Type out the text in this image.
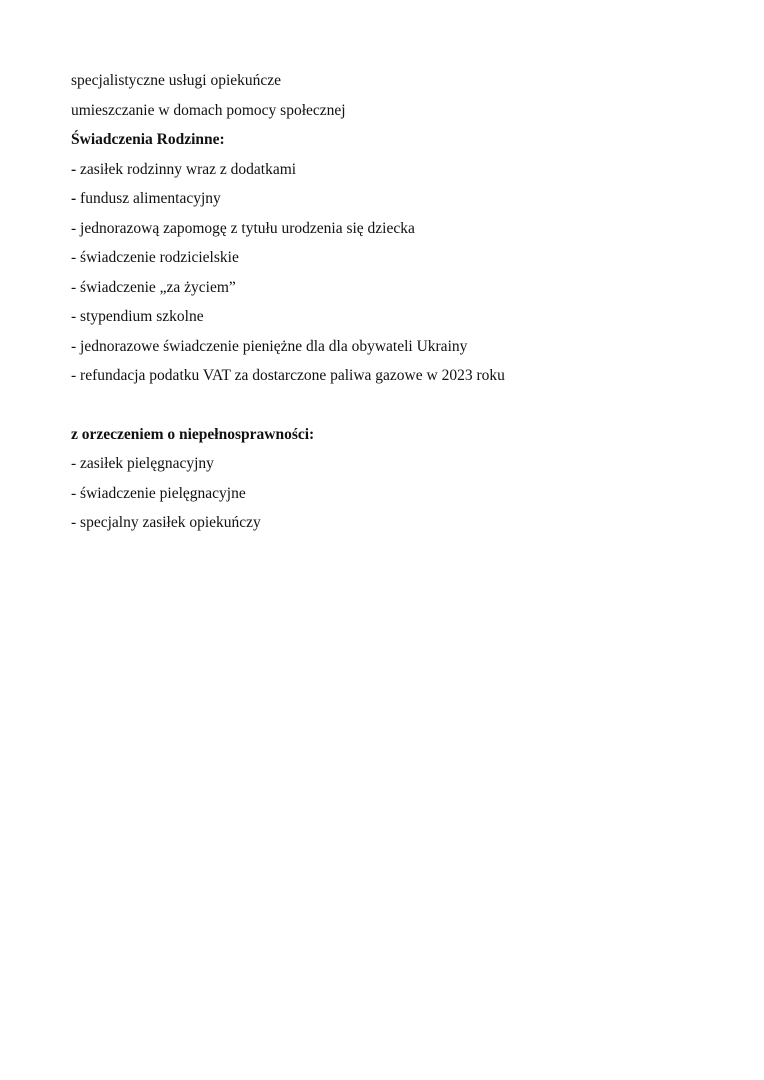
specjalistyczne usługi opiekuńcze
umieszczanie w domach pomocy społecznej
Świadczenia Rodzinne:
- zasiłek rodzinny wraz z dodatkami
- fundusz alimentacyjny
- jednorazową zapomogę z tytułu urodzenia się dziecka
- świadczenie rodzicielskie
- świadczenie „za życiem”
- stypendium szkolne
- jednorazowe świadczenie pieniężne dla dla obywateli Ukrainy
- refundacja podatku VAT za dostarczone paliwa gazowe w 2023 roku
z orzeczeniem o niepełnosprawności:
- zasiłek pielęgnacyjny
- świadczenie pielęgnacyjne
- specjalny zasiłek opiekuńczy
